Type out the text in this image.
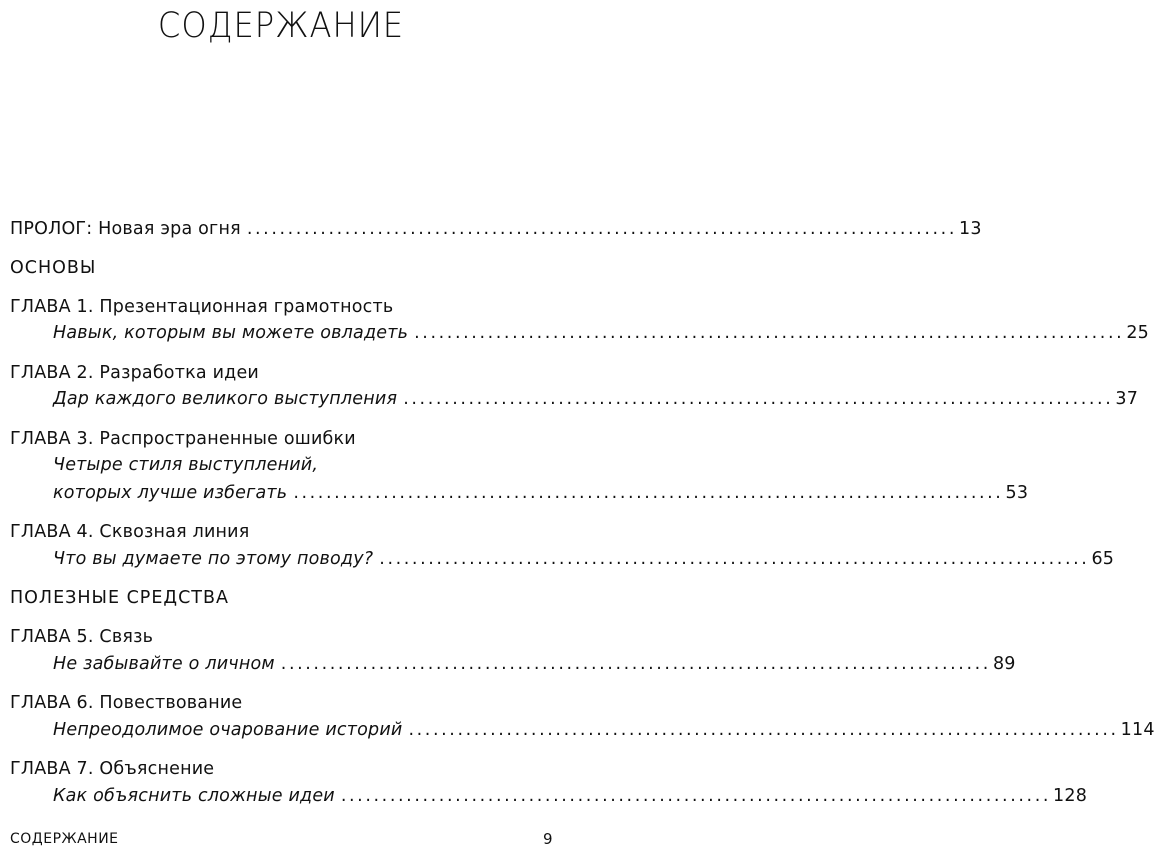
СОДЕРЖАНИЕ
ПРОЛОГ: Новая эра огня ....................................................................................... 13
ОСНОВЫ
ГЛАВА 1. Презентационная грамотность
Навык, которым вы можете овладеть ....................................................................................... 25
ГЛАВА 2. Разработка идеи
Дар каждого великого выступления ....................................................................................... 37
ГЛАВА 3. Распространенные ошибки
Четыре стиля выступлений,
которых лучше избегать ....................................................................................... 53
ГЛАВА 4. Сквозная линия
Что вы думаете по этому поводу? ....................................................................................... 65
ПОЛЕЗНЫЕ СРЕДСТВА
ГЛАВА 5. Связь
Не забывайте о личном ....................................................................................... 89
ГЛАВА 6. Повествование
Непреодолимое очарование историй ....................................................................................... 114
ГЛАВА 7. Объяснение
Как объяснить сложные идеи ....................................................................................... 128
СОДЕРЖАНИЕ	9
